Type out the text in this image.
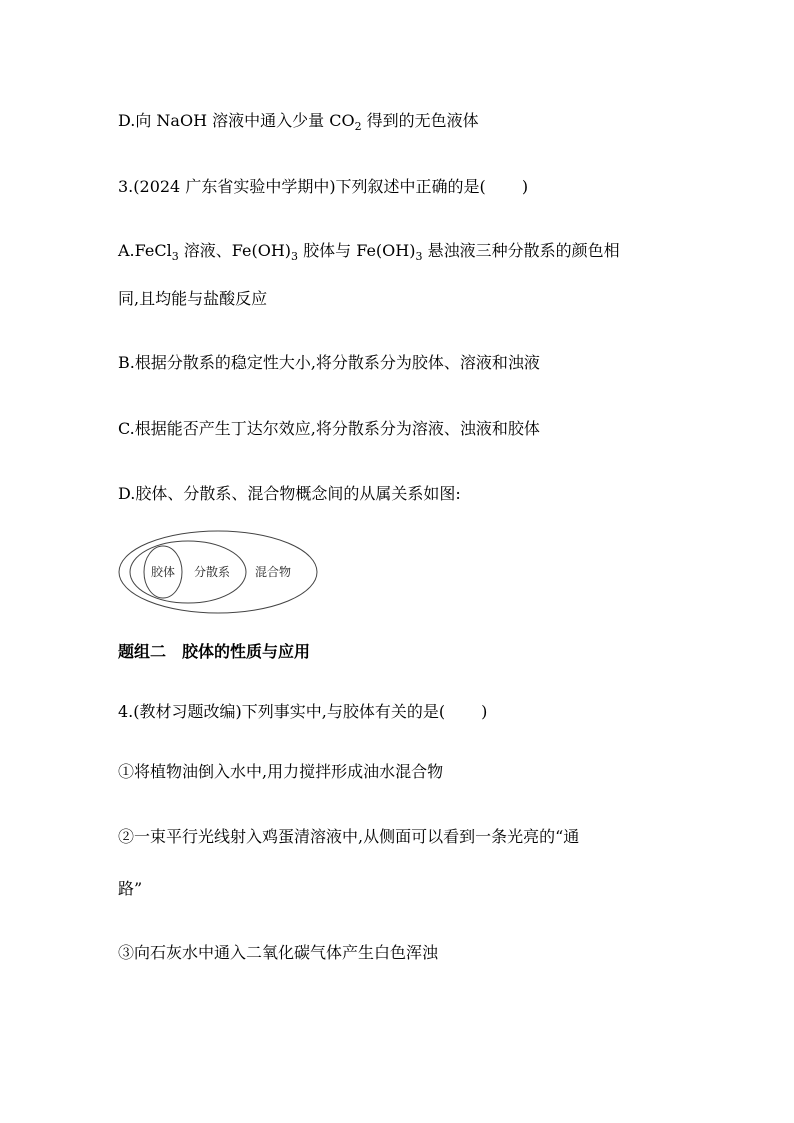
D.向 NaOH 溶液中通入少量 $CO_2$ 得到的无色液体
3.(2024 广东省实验中学期中)下列叙述中正确的是( )
A.FeCl$_3$ 溶液、$Fe(OH)_3$ 胶体与 $Fe(OH)_3$ 悬浊液三种分散系的颜色相
同,且均能与盐酸反应
B.根据分散系的稳定性大小,将分散系分为胶体、溶液和浊液
C.根据能否产生丁达尔效应,将分散系分为溶液、浊液和胶体
D.胶体、分散系、混合物概念间的从属关系如图:
胶体 分散系 混合物
题组二　胶体的性质与应用
4.(教材习题改编)下列事实中,与胶体有关的是( )
①将植物油倒入水中,用力搅拌形成油水混合物
②一束平行光线射入鸡蛋清溶液中,从侧面可以看到一条光亮的“通
路”
③向石灰水中通入二氧化碳气体产生白色浑浊
